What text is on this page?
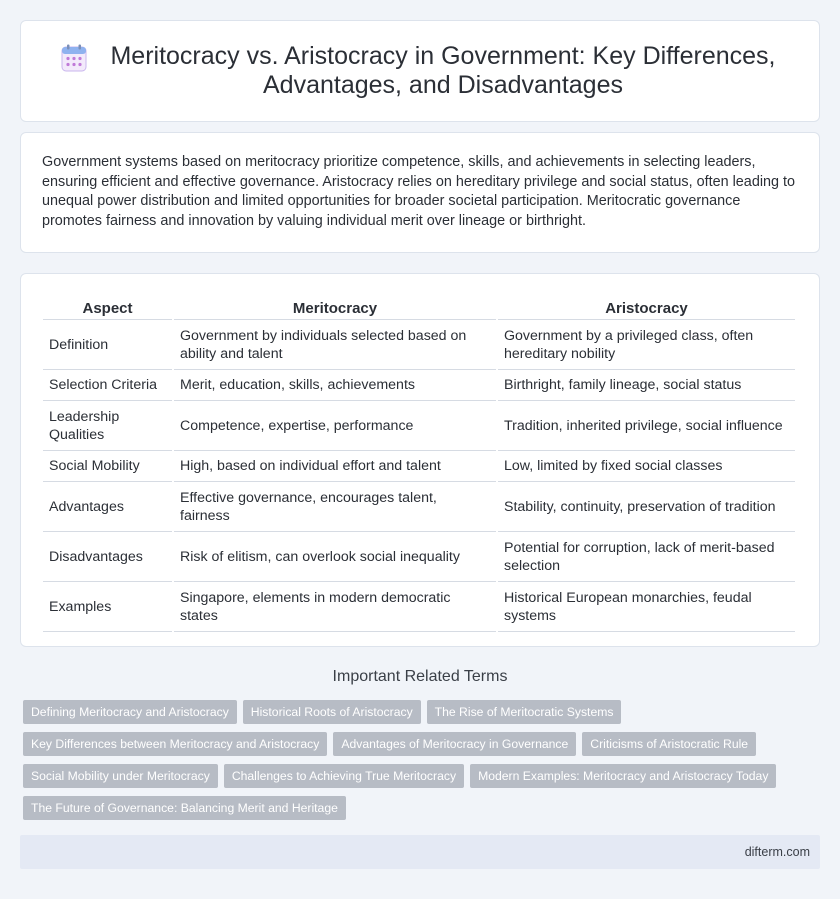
Meritocracy vs. Aristocracy in Government: Key Differences, Advantages, and Disadvantages

Government systems based on meritocracy prioritize competence, skills, and achievements in selecting leaders, ensuring efficient and effective governance. Aristocracy relies on hereditary privilege and social status, often leading to unequal power distribution and limited opportunities for broader societal participation. Meritocratic governance promotes fairness and innovation by valuing individual merit over lineage or birthright.

Aspect	Meritocracy	Aristocracy
Definition	Government by individuals selected based on ability and talent	Government by a privileged class, often hereditary nobility
Selection Criteria	Merit, education, skills, achievements	Birthright, family lineage, social status
Leadership Qualities	Competence, expertise, performance	Tradition, inherited privilege, social influence
Social Mobility	High, based on individual effort and talent	Low, limited by fixed social classes
Advantages	Effective governance, encourages talent, fairness	Stability, continuity, preservation of tradition
Disadvantages	Risk of elitism, can overlook social inequality	Potential for corruption, lack of merit-based selection
Examples	Singapore, elements in modern democratic states	Historical European monarchies, feudal systems
Important Related Terms
Defining Meritocracy and Aristocracy	Historical Roots of Aristocracy	The Rise of Meritocratic Systems
Key Differences between Meritocracy and Aristocracy	Advantages of Meritocracy in Governance	Criticisms of Aristocratic Rule
Social Mobility under Meritocracy	Challenges to Achieving True Meritocracy	Modern Examples: Meritocracy and Aristocracy Today
The Future of Governance: Balancing Merit and Heritage
difterm.com
